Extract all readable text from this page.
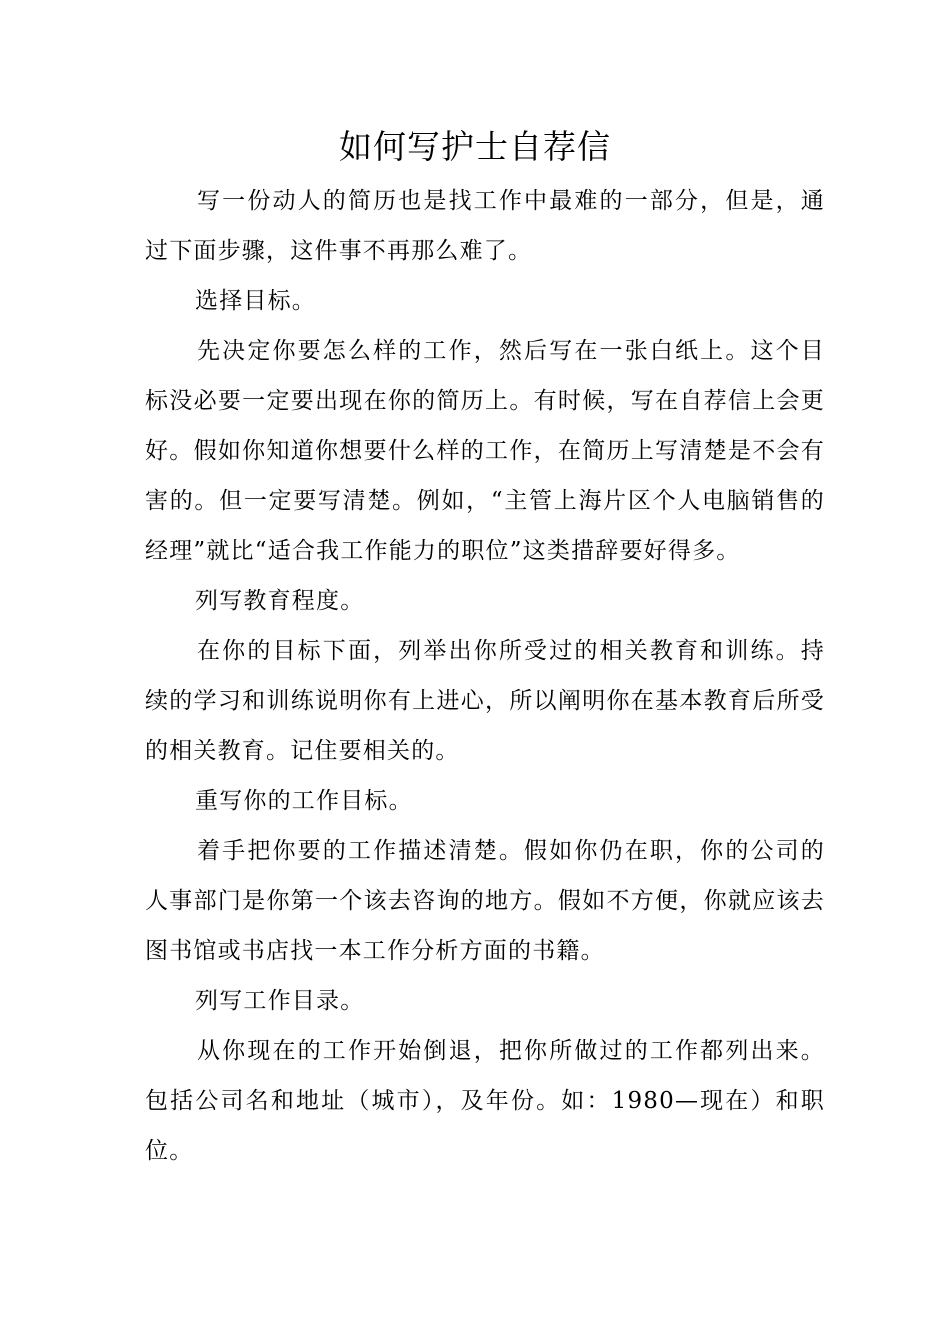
如何写护士自荐信

写一份动人的简历也是找工作中最难的一部分，但是，通过下面步骤，这件事不再那么难了。

选择目标。

先决定你要怎么样的工作，然后写在一张白纸上。这个目标没必要一定要出现在你的简历上。有时候，写在自荐信上会更好。假如你知道你想要什么样的工作，在简历上写清楚是不会有害的。但一定要写清楚。例如，“主管上海片区个人电脑销售的经理”就比“适合我工作能力的职位”这类措辞要好得多。

列写教育程度。

在你的目标下面，列举出你所受过的相关教育和训练。持续的学习和训练说明你有上进心，所以阐明你在基本教育后所受的相关教育。记住要相关的。

重写你的工作目标。

着手把你要的工作描述清楚。假如你仍在职，你的公司的人事部门是你第一个该去咨询的地方。假如不方便，你就应该去图书馆或书店找一本工作分析方面的书籍。

列写工作目录。

从你现在的工作开始倒退，把你所做过的工作都列出来。包括公司名和地址（城市），及年份。如：1980—现在）和职位。
